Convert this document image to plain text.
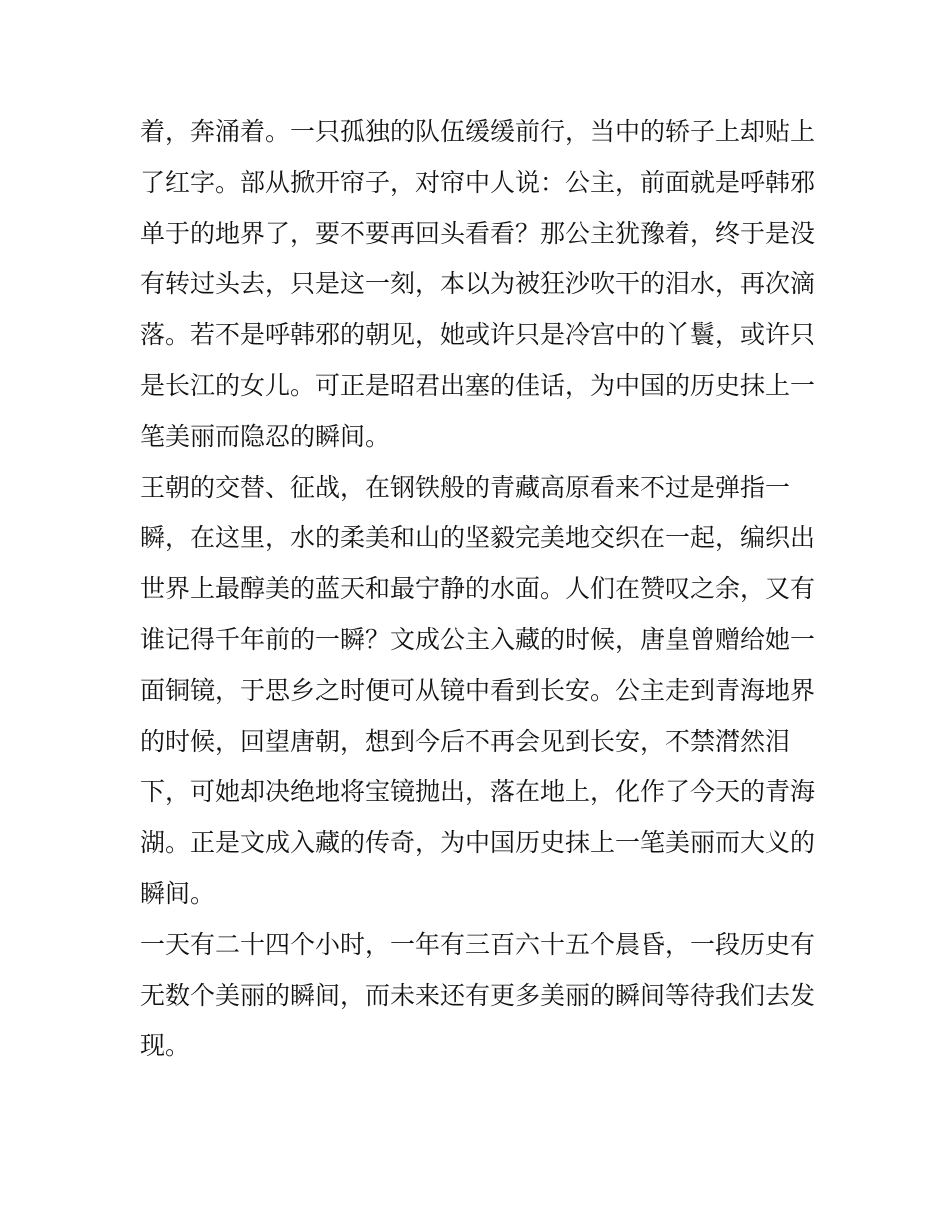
着，奔涌着。一只孤独的队伍缓缓前行，当中的轿子上却贴上
了红字。部从掀开帘子，对帘中人说：公主，前面就是呼韩邪
单于的地界了，要不要再回头看看？那公主犹豫着，终于是没
有转过头去，只是这一刻，本以为被狂沙吹干的泪水，再次滴
落。若不是呼韩邪的朝见，她或许只是冷宫中的丫鬟，或许只
是长江的女儿。可正是昭君出塞的佳话，为中国的历史抹上一
笔美丽而隐忍的瞬间。
王朝的交替、征战，在钢铁般的青藏高原看来不过是弹指一
瞬，在这里，水的柔美和山的坚毅完美地交织在一起，编织出
世界上最醇美的蓝天和最宁静的水面。人们在赞叹之余，又有
谁记得千年前的一瞬？文成公主入藏的时候，唐皇曾赠给她一
面铜镜，于思乡之时便可从镜中看到长安。公主走到青海地界
的时候，回望唐朝，想到今后不再会见到长安，不禁潸然泪
下，可她却决绝地将宝镜抛出，落在地上，化作了今天的青海
湖。正是文成入藏的传奇，为中国历史抹上一笔美丽而大义的
瞬间。
一天有二十四个小时，一年有三百六十五个晨昏，一段历史有
无数个美丽的瞬间，而未来还有更多美丽的瞬间等待我们去发
现。
